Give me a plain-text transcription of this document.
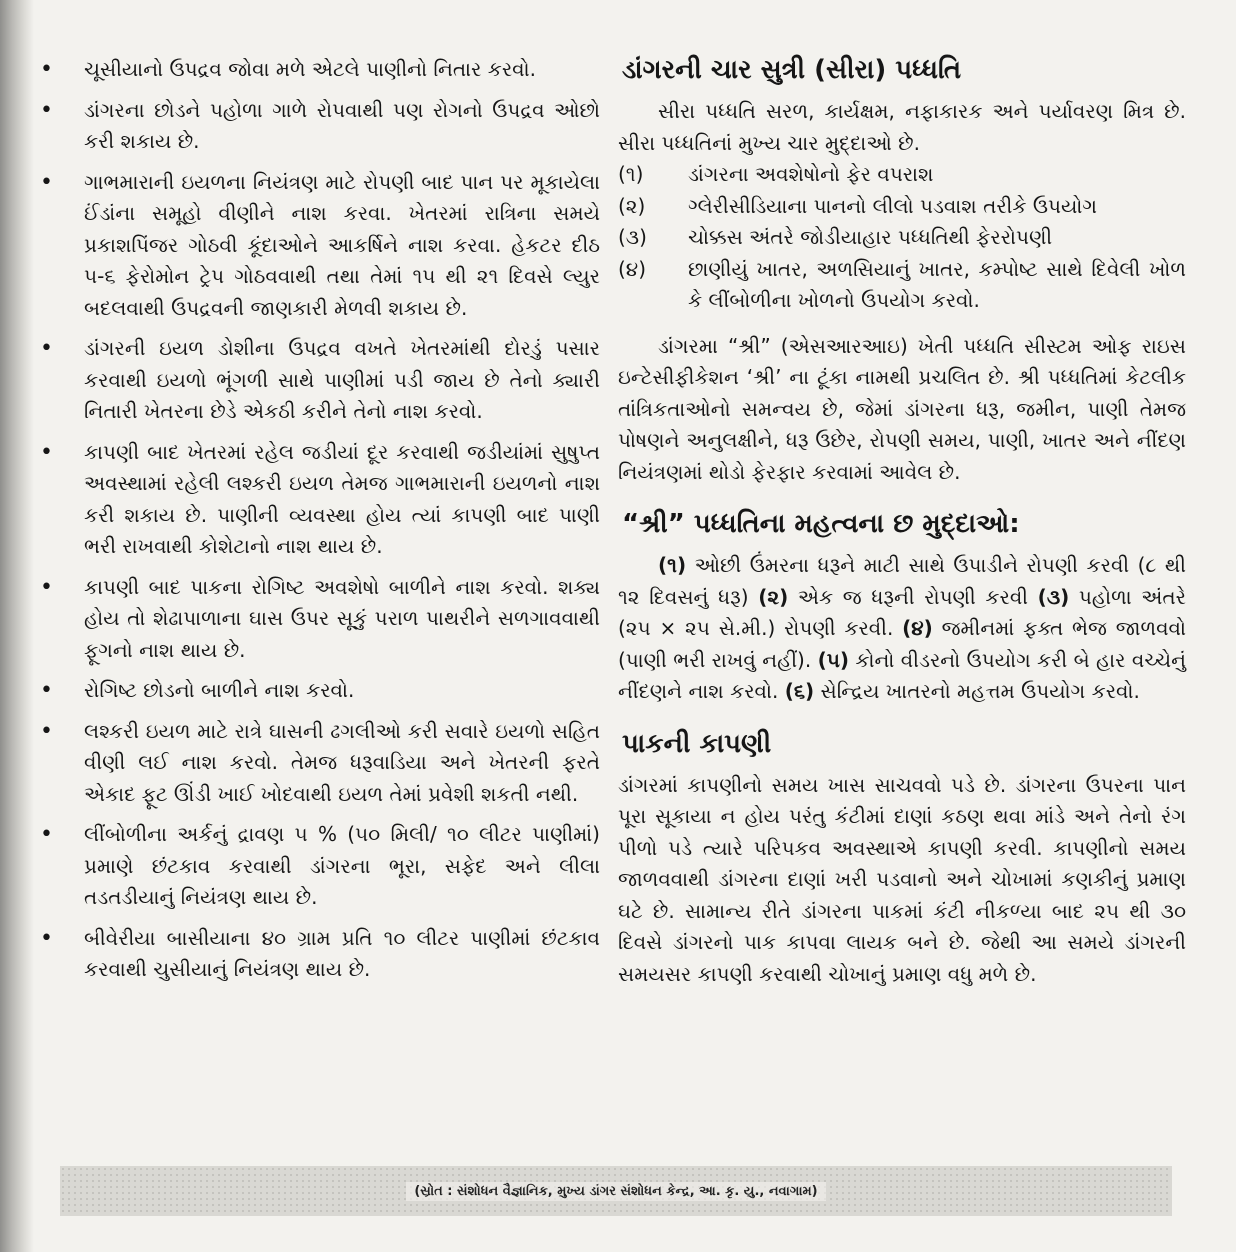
• ચૂસીયાનો ઉપદ્રવ જોવા મળે એટલે પાણીનો નિતાર કરવો.
• ડાંગરના છોડને પહોળા ગાળે રોપવાથી પણ રોગનો ઉપદ્રવ ઓછો કરી શકાય છે.
• ગાભમારાની ઇયળના નિયંત્રણ માટે રોપણી બાદ પાન પર મૂકાયેલા ઈંડાંના સમૂહો વીણીને નાશ કરવા. ખેતરમાં રાત્રિના સમયે પ્રકાશપિંજર ગોઠવી કૂંદાઓને આકર્ષિને નાશ કરવા. હેકટર દીઠ ૫-૬ ફેરોમોન ટ્રેપ ગોઠવવાથી તથા તેમાં ૧૫ થી ૨૧ દિવસે લ્યુર બદલવાથી ઉપદ્રવની જાણકારી મેળવી શકાય છે.
• ડાંગરની ઇયળ ડોશીના ઉપદ્રવ વખતે ખેતરમાંથી દોરડું પસાર કરવાથી ઇયળો ભૂંગળી સાથે પાણીમાં પડી જાય છે તેનો ક્યારી નિતારી ખેતરના છેડે એકઠી કરીને તેનો નાશ કરવો.
• કાપણી બાદ ખેતરમાં રહેલ જડીયાં દૂર કરવાથી જડીયાંમાં સુષુપ્ત અવસ્થામાં રહેલી લશ્કરી ઇયળ તેમજ ગાભમારાની ઇયળનો નાશ કરી શકાય છે. પાણીની વ્યવસ્થા હોય ત્યાં કાપણી બાદ પાણી ભરી રાખવાથી કોશેટાનો નાશ થાય છે.
• કાપણી બાદ પાકના રોગિષ્ટ અવશેષો બાળીને નાશ કરવો. શક્ય હોય તો શેઢાપાળાના ઘાસ ઉપર સૂકું પરાળ પાથરીને સળગાવવાથી ફૂગનો નાશ થાય છે.
• રોગિષ્ટ છોડનો બાળીને નાશ કરવો.
• લશ્કરી ઇયળ માટે રાત્રે ઘાસની ઢગલીઓ કરી સવારે ઇયળો સહિત વીણી લઈ નાશ કરવો. તેમજ ધરૂવાડિયા અને ખેતરની ફરતે એકાદ ફૂટ ઊંડી ખાઈ ખોદવાથી ઇયળ તેમાં પ્રવેશી શકતી નથી.
• લીંબોળીના અર્કનું દ્રાવણ ૫ % (૫૦ મિલી/ ૧૦ લીટર પાણીમાં) પ્રમાણે છંટકાવ કરવાથી ડાંગરના ભૂરા, સફેદ અને લીલા તડતડીયાનું નિયંત્રણ થાય છે.
• બીવેરીયા બાસીયાના ૪૦ ગ્રામ પ્રતિ ૧૦ લીટર પાણીમાં છંટકાવ કરવાથી ચુસીયાનું નિયંત્રણ થાય છે.
ડાંગરની ચાર સુત્રી (સીરા) પધ્ધતિ

સીરા પધ્ધતિ સરળ, કાર્યક્ષમ, નફાકારક અને પર્યાવરણ મિત્ર છે. સીરા પધ્ધતિનાં મુખ્ય ચાર મુદ્દાઓ છે.

(૧)	ડાંગરના અવશેષોનો ફેર વપરાશ
(૨)	ગ્લેરીસીડિયાના પાનનો લીલો પડવાશ તરીકે ઉપયોગ
(૩)	ચોક્કસ અંતરે જોડીયાહાર પધ્ધતિથી ફેરરોપણી
(૪)	છાણીયું ખાતર, અળસિયાનું ખાતર, કમ્પોષ્ટ સાથે દિવેલી ખોળ કે લીંબોળીના ખોળનો ઉપયોગ કરવો.

ડાંગરમા “શ્રી” (એસઆરઆઇ) ખેતી પધ્ધતિ સીસ્ટમ ઓફ રાઇસ ઇન્ટેસીફીકેશન ‘શ્રી’ ના ટૂંકા નામથી પ્રચલિત છે. શ્રી પધ્ધતિમાં કેટલીક તાંત્રિકતાઓનો સમન્વય છે, જેમાં ડાંગરના ધરૂ, જમીન, પાણી તેમજ પોષણને અનુલક્ષીને, ધરૂ ઉછેર, રોપણી સમય, પાણી, ખાતર અને નીંદણ નિયંત્રણમાં થોડો ફેરફાર કરવામાં આવેલ છે.

“શ્રી” પધ્ધતિના મહત્વના છ મુદ્દાઓ:

(૧) ઓછી ઉંમરના ધરૂને માટી સાથે ઉપાડીને રોપણી કરવી (૮ થી ૧૨ દિવસનું ધરૂ) (૨) એક જ ધરૂની રોપણી કરવી (૩) પહોળા અંતરે (૨૫ × ૨૫ સે.મી.) રોપણી કરવી. (૪) જમીનમાં ફક્ત ભેજ જાળવવો (પાણી ભરી રાખવું નહીં). (૫) કોનો વીડરનો ઉપયોગ કરી બે હાર વચ્ચેનું નીંદણને નાશ કરવો. (૬) સેન્દ્રિય ખાતરનો મહત્તમ ઉપયોગ કરવો.

પાકની કાપણી

ડાંગરમાં કાપણીનો સમય ખાસ સાચવવો પડે છે. ડાંગરના ઉપરના પાન પૂરા સૂકાયા ન હોય પરંતુ કંટીમાં દાણાં કઠણ થવા માંડે અને તેનો રંગ પીળો પડે ત્યારે પરિપકવ અવસ્થાએ કાપણી કરવી. કાપણીનો સમય જાળવવાથી ડાંગરના દાણાં ખરી પડવાનો અને ચોખામાં કણકીનું પ્રમાણ ઘટે છે. સામાન્ય રીતે ડાંગરના પાકમાં કંટી નીકળ્યા બાદ ૨૫ થી ૩૦ દિવસે ડાંગરનો પાક કાપવા લાયક બને છે. જેથી આ સમયે ડાંગરની સમયસર કાપણી કરવાથી ચોખાનું પ્રમાણ વધુ મળે છે.

(સ્રોત : સંશોધન વૈજ્ઞાનિક, મુખ્ય ડાંગર સંશોધન કેન્દ્ર, આ. કૃ. યુ., નવાગામ)
